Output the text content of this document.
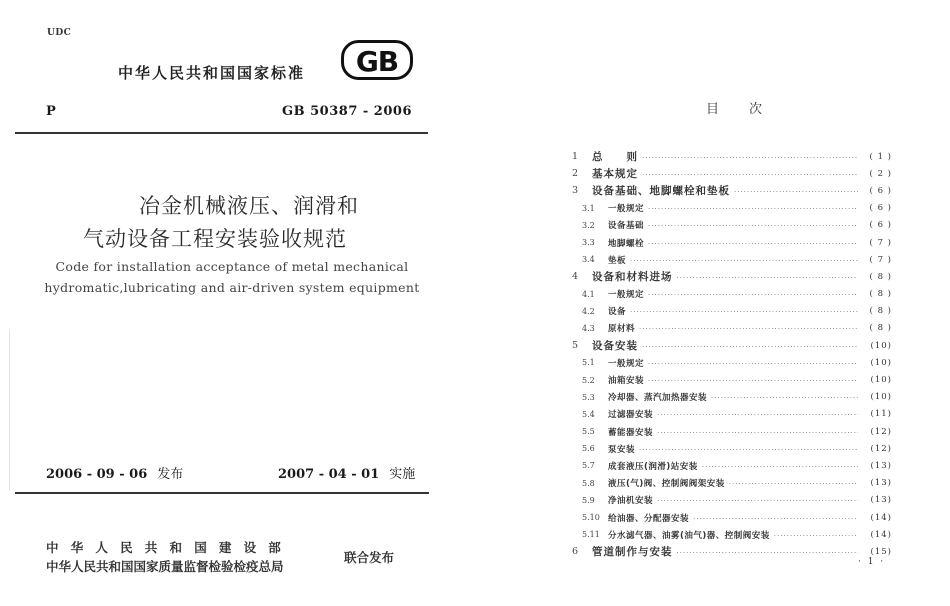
UDC
中华人民共和国国家标准 GB
P	GB 50387 - 2006
冶金机械液压、润滑和
气动设备工程安装验收规范
Code for installation acceptance of metal mechanical
hydromatic,lubricating and air-driven system equipment
2006 - 09 - 06 发布	2007 - 04 - 01 实施
中华人民共和国建设部
中华人民共和国国家质量监督检验检疫总局
联合发布
目次
1	总　　则 ·····	( 1 )
2	基本规定 ·····	( 2 )
3	设备基础、地脚螺栓和垫板 ·····	( 6 )
3.1	一般规定 ·····	( 6 )
3.2	设备基础 ·····	( 6 )
3.3	地脚螺栓 ·····	( 7 )
3.4	垫板 ·····	( 7 )
4	设备和材料进场 ·····	( 8 )
4.1	一般规定 ·····	( 8 )
4.2	设备 ·····	( 8 )
4.3	原材料 ·····	( 8 )
5	设备安装 ·····	(10)
5.1	一般规定 ·····	(10)
5.2	油箱安装 ·····	(10)
5.3	冷却器、蒸汽加热器安装 ·····	(10)
5.4	过滤器安装 ·····	(11)
5.5	蓄能器安装 ·····	(12)
5.6	泵安装 ·····	(12)
5.7	成套液压(润滑)站安装 ·····	(13)
5.8	液压(气)阀、控制阀阀架安装 ·····	(13)
5.9	净油机安装 ·····	(13)
5.10 给油器、分配器安装 ·····	(14)
5.11 分水滤气器、油雾(油气)器、控制阀安装 ·····	(14)
6	管道制作与安装 ·····	(15)
· 1 ·
